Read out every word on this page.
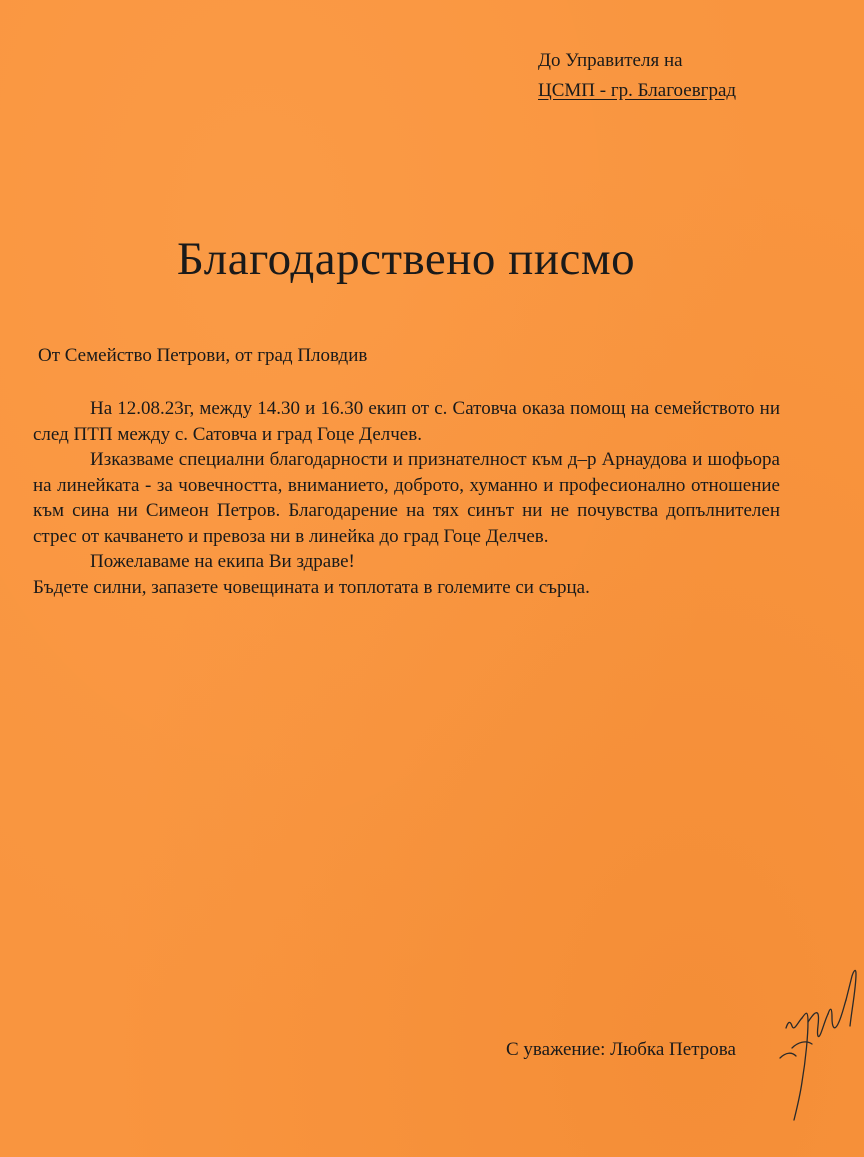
До Управителя на
ЦСМП - гр. Благоевград
Благодарствено писмо
От Семейство Петрови, от град Пловдив

На 12.08.23г, между 14.30 и 16.30 екип от с. Сатовча оказа помощ на семейството ни след ПТП между с. Сатовча и град Гоце Делчев.

Изказваме специални благодарности и признателност към д–р Арнаудова и шофьора на линейката - за човечността, вниманието, доброто, хуманно и професионално отношение към сина ни Симеон Петров. Благодарение на тях синът ни не почувства допълнителен стрес от качването и превоза ни в линейка до град Гоце Делчев.

Пожелаваме на екипа Ви здраве!

Бъдете силни, запазете човещината и топлотата в големите си сърца.

С уважение: Любка Петрова
